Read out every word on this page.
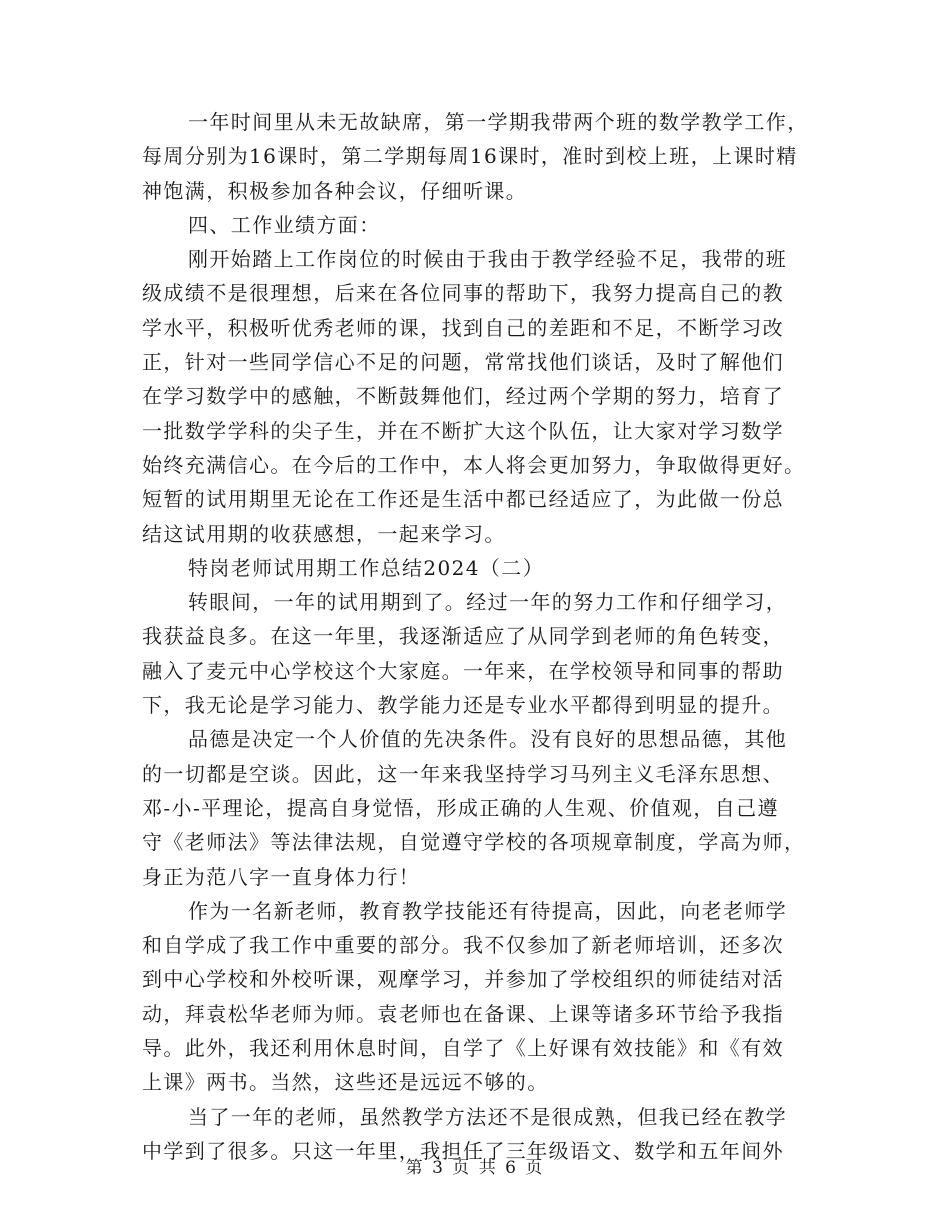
一年时间里从未无故缺席，第一学期我带两个班的数学教学工作，
每周分别为16课时，第二学期每周16课时，准时到校上班，上课时精
神饱满，积极参加各种会议，仔细听课。
四、工作业绩方面：
刚开始踏上工作岗位的时候由于我由于教学经验不足，我带的班
级成绩不是很理想，后来在各位同事的帮助下，我努力提高自己的教
学水平，积极听优秀老师的课，找到自己的差距和不足，不断学习改
正，针对一些同学信心不足的问题，常常找他们谈话，及时了解他们
在学习数学中的感触，不断鼓舞他们，经过两个学期的努力，培育了
一批数学学科的尖子生，并在不断扩大这个队伍，让大家对学习数学
始终充满信心。在今后的工作中，本人将会更加努力，争取做得更好。
短暂的试用期里无论在工作还是生活中都已经适应了，为此做一份总
结这试用期的收获感想，一起来学习。
特岗老师试用期工作总结2024（二）
转眼间，一年的试用期到了。经过一年的努力工作和仔细学习，
我获益良多。在这一年里，我逐渐适应了从同学到老师的角色转变，
融入了麦元中心学校这个大家庭。一年来，在学校领导和同事的帮助
下，我无论是学习能力、教学能力还是专业水平都得到明显的提升。
品德是决定一个人价值的先决条件。没有良好的思想品德，其他
的一切都是空谈。因此，这一年来我坚持学习马列主义毛泽东思想、
邓-小-平理论，提高自身觉悟，形成正确的人生观、价值观，自己遵
守《老师法》等法律法规，自觉遵守学校的各项规章制度，学高为师，
身正为范八字一直身体力行！
作为一名新老师，教育教学技能还有待提高，因此，向老老师学
和自学成了我工作中重要的部分。我不仅参加了新老师培训，还多次
到中心学校和外校听课，观摩学习，并参加了学校组织的师徒结对活
动，拜袁松华老师为师。袁老师也在备课、上课等诸多环节给予我指
导。此外，我还利用休息时间，自学了《上好课有效技能》和《有效
上课》两书。当然，这些还是远远不够的。
当了一年的老师，虽然教学方法还不是很成熟，但我已经在教学
中学到了很多。只这一年里，我担任了三年级语文、数学和五年间外
第 3 页 共 6 页
